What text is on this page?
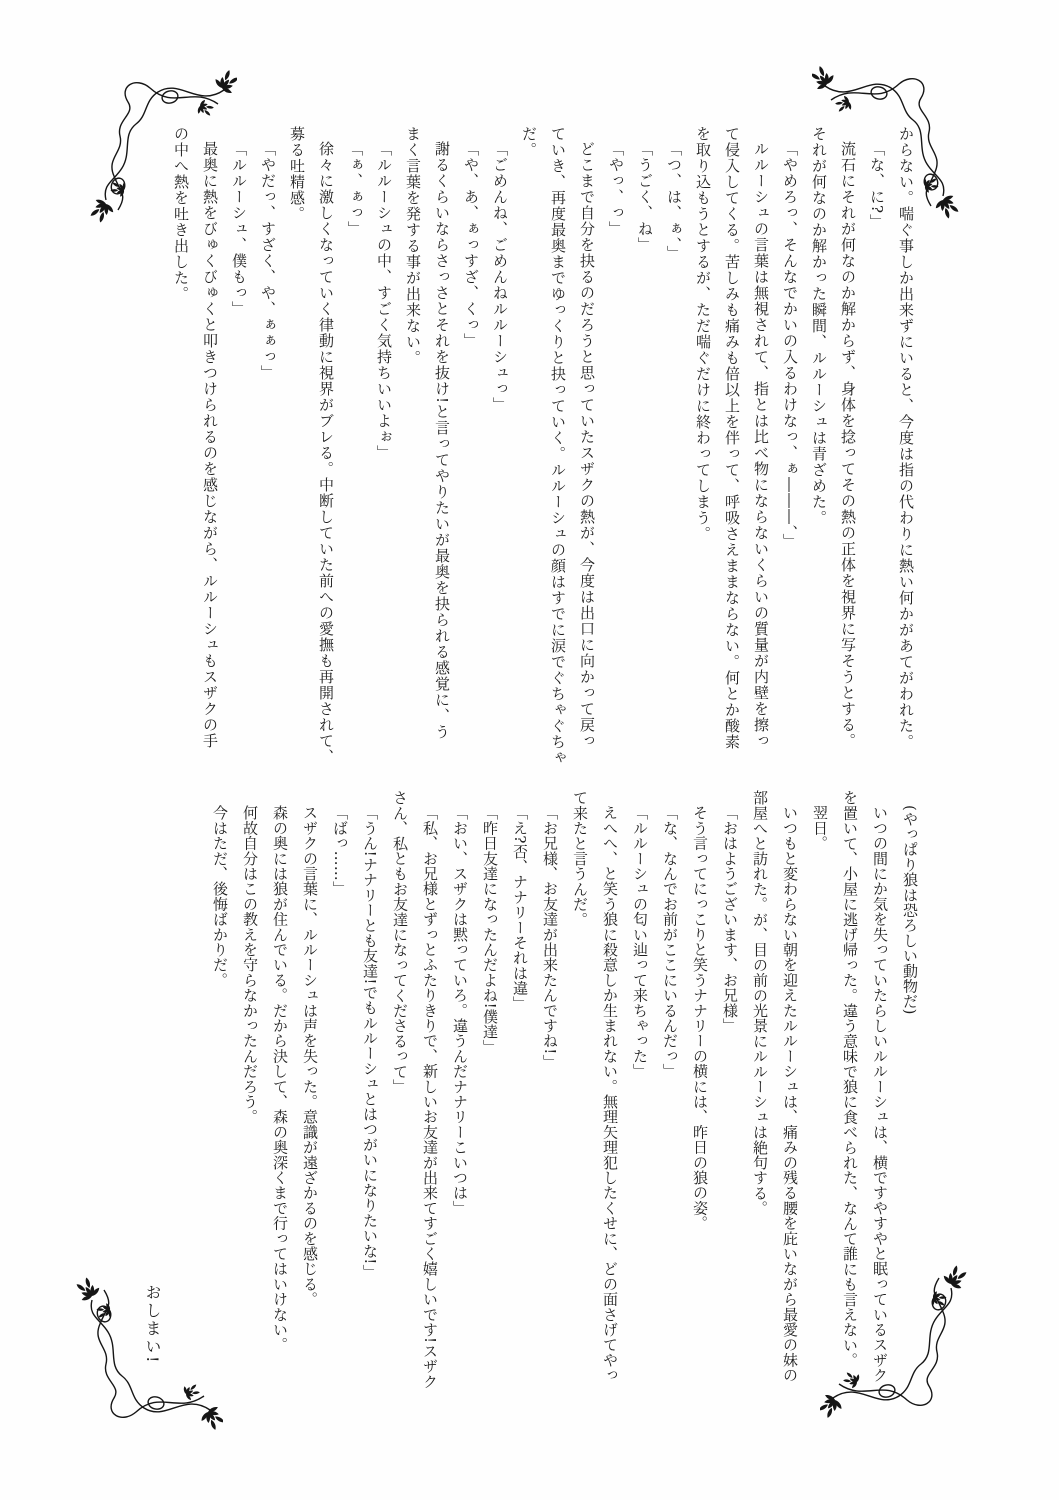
からない。喘ぐ事しか出来ずにいると、今度は指の代わりに熱い何かがあてがわれた。

「な、に?」

流石にそれが何なのか解からず、身体を捻ってその熱の正体を視界に写そうとする。

それが何なのか解かった瞬間、ルルーシュは青ざめた。

「やめろっ、そんなでかいの入るわけなっ、ぁ―――、」

ルルーシュの言葉は無視されて、指とは比べ物にならないくらいの質量が内壁を擦っ

て侵入してくる。苦しみも痛みも倍以上を伴って、呼吸さえままならない。何とか酸素

を取り込もうとするが、ただ喘ぐだけに終わってしまう。

「つ、は、ぁ、」

「うごく、ね」

「やっ、っ」

どこまで自分を抉るのだろうと思っていたスザクの熱が、今度は出口に向かって戻っ

ていき、再度最奥までゆっくりと抉っていく。ルルーシュの顔はすでに涙でぐちゃぐちゃ

だ。

「ごめんね、ごめんねルルーシュっ」

「や、あ、ぁっすざ、くっ」

謝るくらいならさっさとそれを抜け!と言ってやりたいが最奥を抉られる感覚に、う

まく言葉を発する事が出来ない。

「ルルーシュの中、すごく気持ちいいよぉ」

「ぁ、ぁっ」

徐々に激しくなっていく律動に視界がブレる。中断していた前への愛撫も再開されて、

募る吐精感。

「やだっ、すざく、や、ぁぁっ」

「ルルーシュ、僕もっ」

最奥に熱をびゅくびゅくと叩きつけられるのを感じながら、ルルーシュもスザクの手

の中へ熱を吐き出した。

(やっぱり狼は恐ろしい動物だ)

いつの間にか気を失っていたらしいルルーシュは、横ですやすやと眠っているスザク

を置いて、小屋に逃げ帰った。違う意味で狼に食べられた、なんて誰にも言えない。

翌日。

いつもと変わらない朝を迎えたルルーシュは、痛みの残る腰を庇いながら最愛の妹の

部屋へと訪れた。が、目の前の光景にルルーシュは絶句する。

「おはようございます、お兄様」

そう言ってにっこりと笑うナナリーの横には、昨日の狼の姿。

「な、なんでお前がここにいるんだっ」

「ルルーシュの匂い辿って来ちゃった」

えへへ、と笑う狼に殺意しか生まれない。無理矢理犯したくせに、どの面さげてやっ

て来たと言うんだ。

「お兄様、お友達が出来たんですね!」

「え?否、ナナリーそれは違」

「昨日友達になったんだよね!僕達」

「おい、スザクは黙っていろ。違うんだナナリーこいつは」

「私、お兄様とずっとふたりきりで、新しいお友達が出来てすごく嬉しいです!スザク

さん、私ともお友達になってくださるって」

「うん!ナナリーとも友達!でもルルーシュとはつがいになりたいな!」

「ばっ……」

スザクの言葉に、ルルーシュは声を失った。意識が遠ざかるのを感じる。

森の奥には狼が住んでいる。だから決して、森の奥深くまで行ってはいけない。

何故自分はこの教えを守らなかったんだろう。

今はただ、後悔ばかりだ。

おしまい!
